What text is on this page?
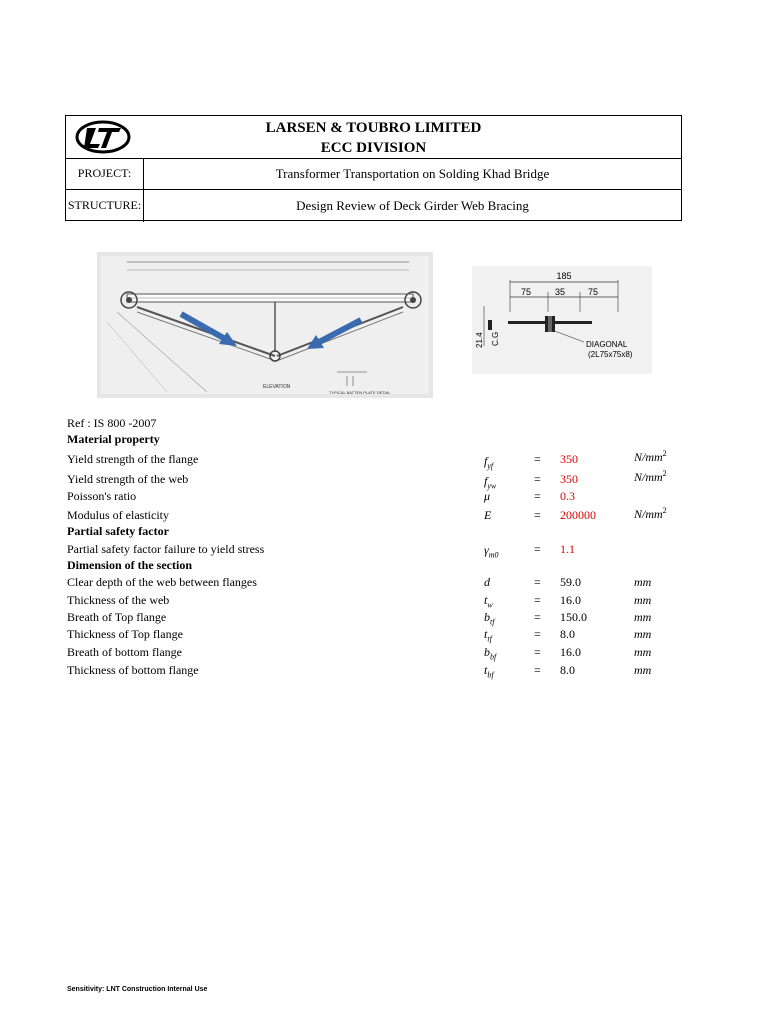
LARSEN & TOUBRO LIMITED
ECC DIVISION
PROJECT:	Transformer Transportation on Solding Khad Bridge
STRUCTURE:	Design Review of Deck Girder Web Bracing
ELEVATION
TYPICAL BATTEN PLATE DETAIL
185
75	35	75
21.4 C.G	DIAGONAL
(2L75x75x8)
Ref : IS 800 -2007
Material property
Yield strength of the flange	$f_{yf}$	= 350	$N/mm^2$
Yield strength of the web	$f_{yw}$	= 350	$N/mm^2$
Poisson's ratio	μ	= 0.3
Modulus of elasticity	E	= 200000	$N/mm^2$
Partial safety factor
Partial safety factor failure to yield stress	$\gamma_{m0}$	= 1.1
Dimension of the section
Clear depth of the web between flanges	d	= 59.0	mm
Thickness of the web	$t_w$	= 16.0	mm
Breath of Top flange	$b_{tf}$	= 150.0	mm
Thickness of Top flange	$t_{tf}$	= 8.0	mm
Breath of bottom flange	$b_{bf}$	= 16.0	mm
Thickness of bottom flange	$t_{bf}$	= 8.0	mm
Sensitivity: LNT Construction Internal Use
